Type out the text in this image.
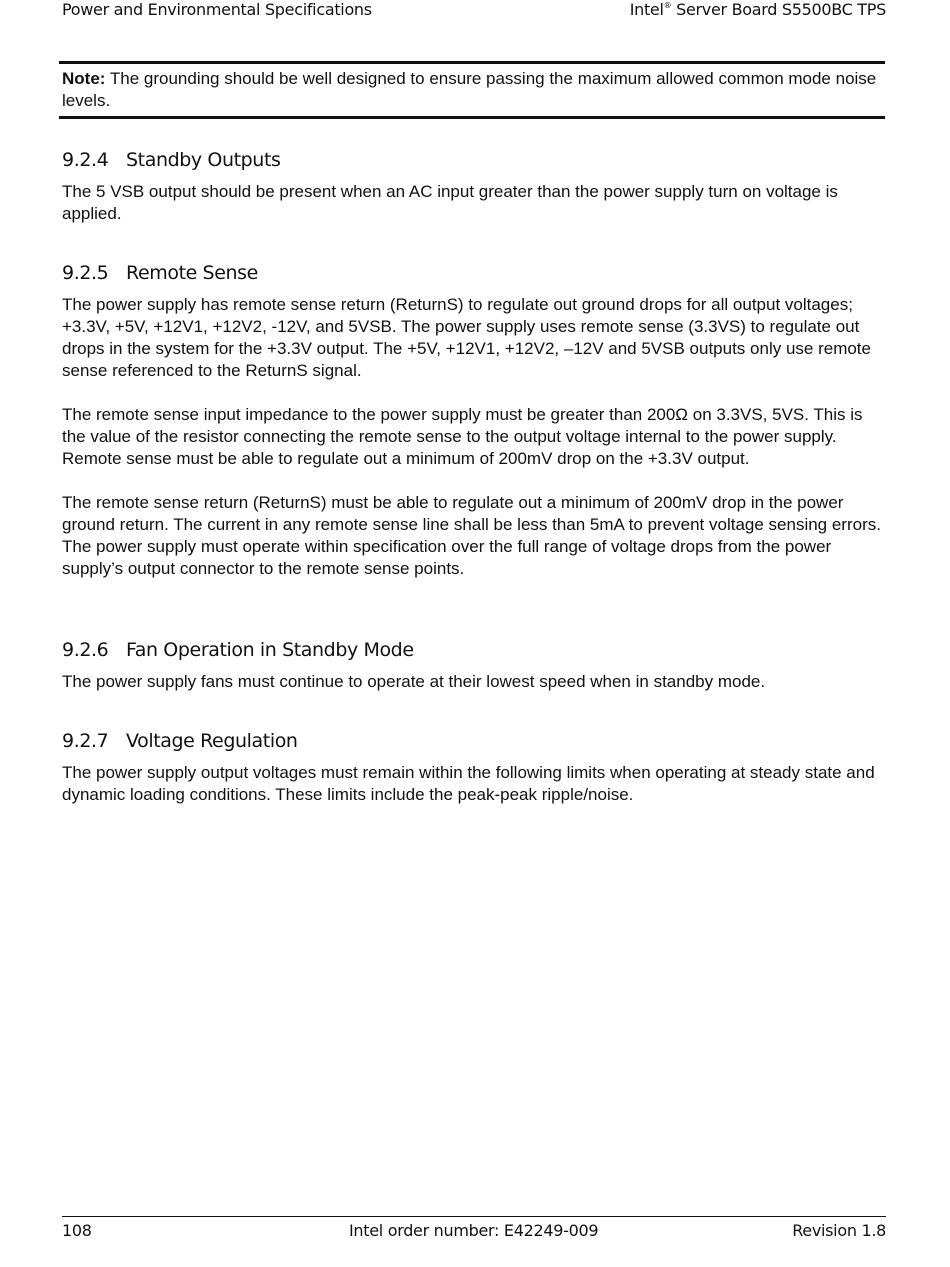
Power and Environmental Specifications	Intel® Server Board S5500BC TPS
Note: The grounding should be well designed to ensure passing the maximum allowed common mode noise levels.
9.2.4 Standby Outputs

The 5 VSB output should be present when an AC input greater than the power supply turn on voltage is applied.

9.2.5 Remote Sense

The power supply has remote sense return (ReturnS) to regulate out ground drops for all output voltages; +3.3V, +5V, +12V1, +12V2, -12V, and 5VSB. The power supply uses remote sense (3.3VS) to regulate out drops in the system for the +3.3V output. The +5V, +12V1, +12V2, –12V and 5VSB outputs only use remote sense referenced to the ReturnS signal.

The remote sense input impedance to the power supply must be greater than 200Ω on 3.3VS, 5VS. This is the value of the resistor connecting the remote sense to the output voltage internal to the power supply. Remote sense must be able to regulate out a minimum of 200mV drop on the +3.3V output.

The remote sense return (ReturnS) must be able to regulate out a minimum of 200mV drop in the power ground return. The current in any remote sense line shall be less than 5mA to prevent voltage sensing errors. The power supply must operate within specification over the full range of voltage drops from the power supply’s output connector to the remote sense points.

9.2.6 Fan Operation in Standby Mode

The power supply fans must continue to operate at their lowest speed when in standby mode.

9.2.7 Voltage Regulation

The power supply output voltages must remain within the following limits when operating at steady state and dynamic loading conditions. These limits include the peak-peak ripple/noise.

108	Intel order number: E42249-009	Revision 1.8
